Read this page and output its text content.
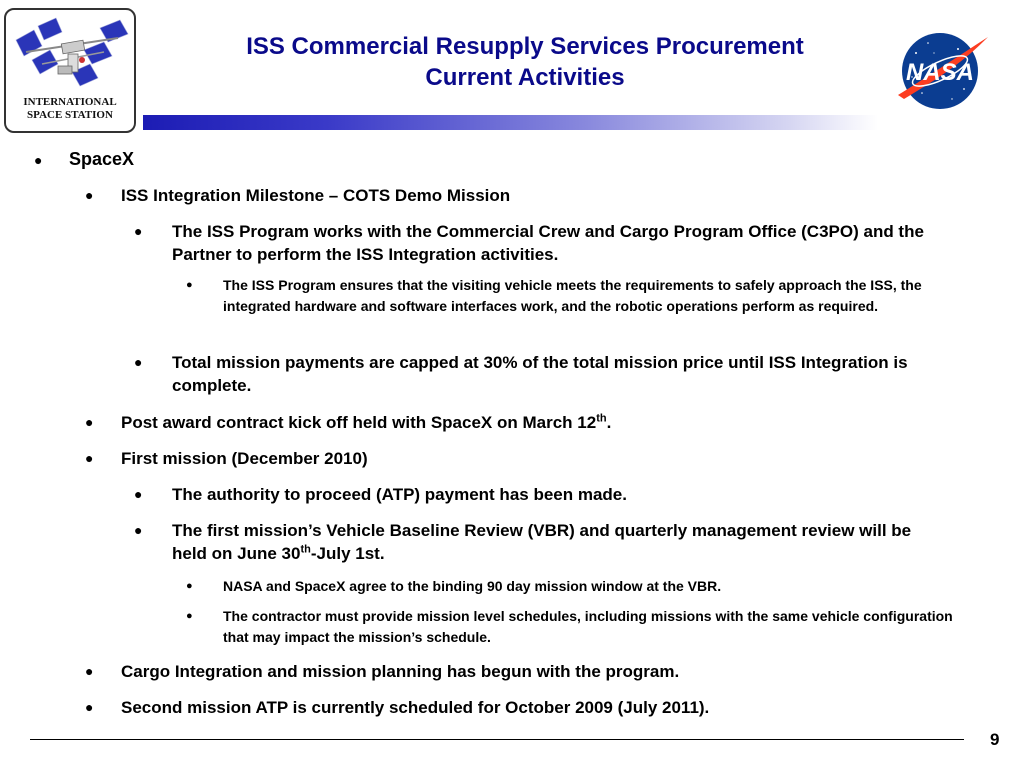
INTERNATIONAL
SPACE STATION
ISS Commercial Resupply Services Procurement
Current Activities	NASA
● SpaceX
● ISS Integration Milestone – COTS Demo Mission
● The ISS Program works with the Commercial Crew and Cargo Program Office (C3PO) and the Partner to perform the ISS Integration activities.
● The ISS Program ensures that the visiting vehicle meets the requirements to safely approach the ISS, the integrated hardware and software interfaces work, and the robotic operations perform as required.
● Total mission payments are capped at 30% of the total mission price until ISS Integration is complete.
● Post award contract kick off held with SpaceX on March 12th.
● First mission (December 2010)
● The authority to proceed (ATP) payment has been made.
● The first mission’s Vehicle Baseline Review (VBR) and quarterly management review will be held on June 30th-July 1st.
● NASA and SpaceX agree to the binding 90 day mission window at the VBR.
● The contractor must provide mission level schedules, including missions with the same vehicle configuration that may impact the mission’s schedule.
● Cargo Integration and mission planning has begun with the program.
● Second mission ATP is currently scheduled for October 2009 (July 2011).
9
